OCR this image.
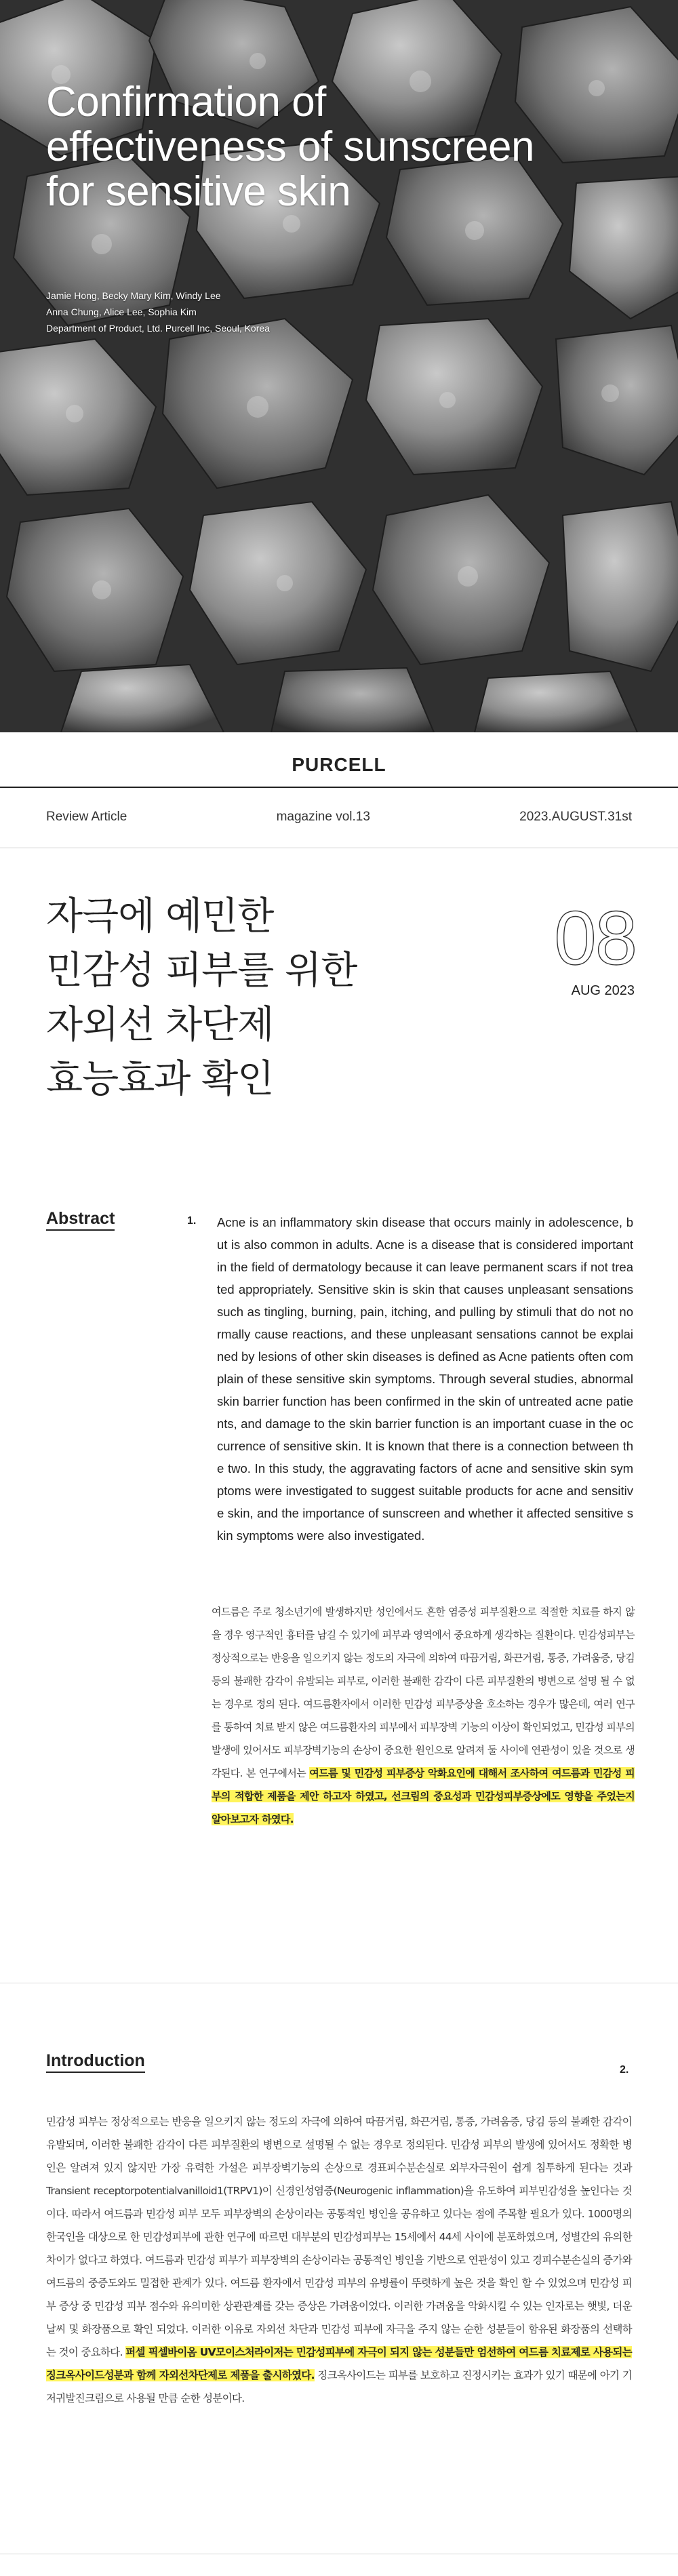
Confirmation of
effectiveness of sunscreen
for sensitive skin
Jamie Hong, Becky Mary Kim, Windy Lee
Anna Chung, Alice Lee, Sophia Kim
Department of Product, Ltd. Purcell Inc, Seoul, Korea
PURCELL
Review Article	magazine vol.13	2023.AUGUST.31st
자극에 예민한
민감성 피부를 위한
자외선 차단제
효능효과 확인
08
AUG 2023
Abstract	1. Acne is an inflammatory skin disease that occurs mainly in adolescence, but is also common in adults. Acne is a disease that is considered important in the field of dermatology because it can leave permanent scars if not treated appropriately. Sensitive skin is skin that causes unpleasant sensations such as tingling, burning, pain, itching, and pulling by stimuli that do not normally cause reactions, and these unpleasant sensations cannot be explained by lesions of other skin diseases is defined as Acne patients often complain of these sensitive skin symptoms. Through several studies, abnormal skin barrier function has been confirmed in the skin of untreated acne patients, and damage to the skin barrier function is an important cuase in the occurrence of sensitive skin. It is known that there is a connection between the two. In this study, the aggravating factors of acne and sensitive skin symptoms were investigated to suggest suitable products for acne and sensitive skin, and the importance of sunscreen and whether it affected sensitive skin symptoms were also investigated.

여드름은 주로 청소년기에 발생하지만 성인에서도 흔한 염증성 피부질환으로 적절한 치료를 하지 않을 경우 영구적인 흉터를 남길 수 있기에 피부과 영역에서 중요하게 생각하는 질환이다. 민감성피부는 정상적으로는 반응을 일으키지 않는 정도의 자극에 의하여 따끔거림, 화끈거림, 통증, 가려움증, 당김 등의 불쾌한 감각이 유발되는 피부로, 이러한 불쾌한 감각이 다른 피부질환의 병변으로 설명 될 수 없는 경우로 정의 된다. 여드름환자에서 이러한 민감성 피부증상을 호소하는 경우가 많은데, 여러 연구를 통하여 치료 받지 않은 여드름환자의 피부에서 피부장벽 기능의 이상이 확인되었고, 민감성 피부의 발생에 있어서도 피부장벽기능의 손상이 중요한 원인으로 알려져 둘 사이에 연관성이 있을 것으로 생각된다. 본 연구에서는 여드름 및 민감성 피부증상 악화요인에 대해서 조사하여 여드름과 민감성 피부의 적합한 제품을 제안 하고자 하였고, 선크림의 중요성과 민감성피부증상에도 영향을 주었는지 알아보고자 하였다.

Introduction	2.

민감성 피부는 정상적으로는 반응을 일으키지 않는 정도의 자극에 의하여 따끔거림, 화끈거림, 통증, 가려움증, 당김 등의 불쾌한 감각이 유발되며, 이러한 불쾌한 감각이 다른 피부질환의 병변으로 설명될 수 없는 경우로 정의된다. 민감성 피부의 발생에 있어서도 정확한 병인은 알려져 있지 않지만 가장 유력한 가설은 피부장벽기능의 손상으로 경표피수분손실로 외부자극원이 쉽게 침투하게 된다는 것과Transient receptorpotentialvanilloid1(TRPV1)이 신경인성염증(Neurogenic inflammation)을 유도하여 피부민감성을 높인다는 것이다. 따라서 여드름과 민감성 피부 모두 피부장벽의 손상이라는 공통적인 병인을 공유하고 있다는 점에 주목할 필요가 있다. 1000명의 한국인을 대상으로 한 민감성피부에 관한 연구에 따르면 대부분의 민감성피부는 15세에서 44세 사이에 분포하였으며, 성별간의 유의한 차이가 없다고 하였다. 여드름과 민감성 피부가 피부장벽의 손상이라는 공통적인 병인을 기반으로 연관성이 있고 경피수분손실의 증가와 여드름의 중증도와도 밀접한 관계가 있다. 여드름 환자에서 민감성 피부의 유병률이 뚜렷하게 높은 것을 확인 할 수 있었으며 민감성 피부 증상 중 민감성 피부 점수와 유의미한 상관관계를 갖는 증상은 가려움이었다. 이러한 가려움을 악화시킬 수 있는 인자로는 햇빛, 더운 날씨 및 화장품으로 확인 되었다. 이러한 이유로 자외선 차단과 민감성 피부에 자극을 주지 않는 순한 성분들이 함유된 화장품의 선택하는 것이 중요하다. 퍼셀 픽셀바이옴 UV모이스처라이저는 민감성피부에 자극이 되지 않는 성분들만 엄선하여 여드름 치료제로 사용되는 징크옥사이드성분과 함께 자외선차단제로 제품을 출시하였다. 징크옥사이드는 피부를 보호하고 진정시키는 효과가 있기 때문에 아기 기저귀발진크림으로 사용될 만큼 순한 성분이다.
